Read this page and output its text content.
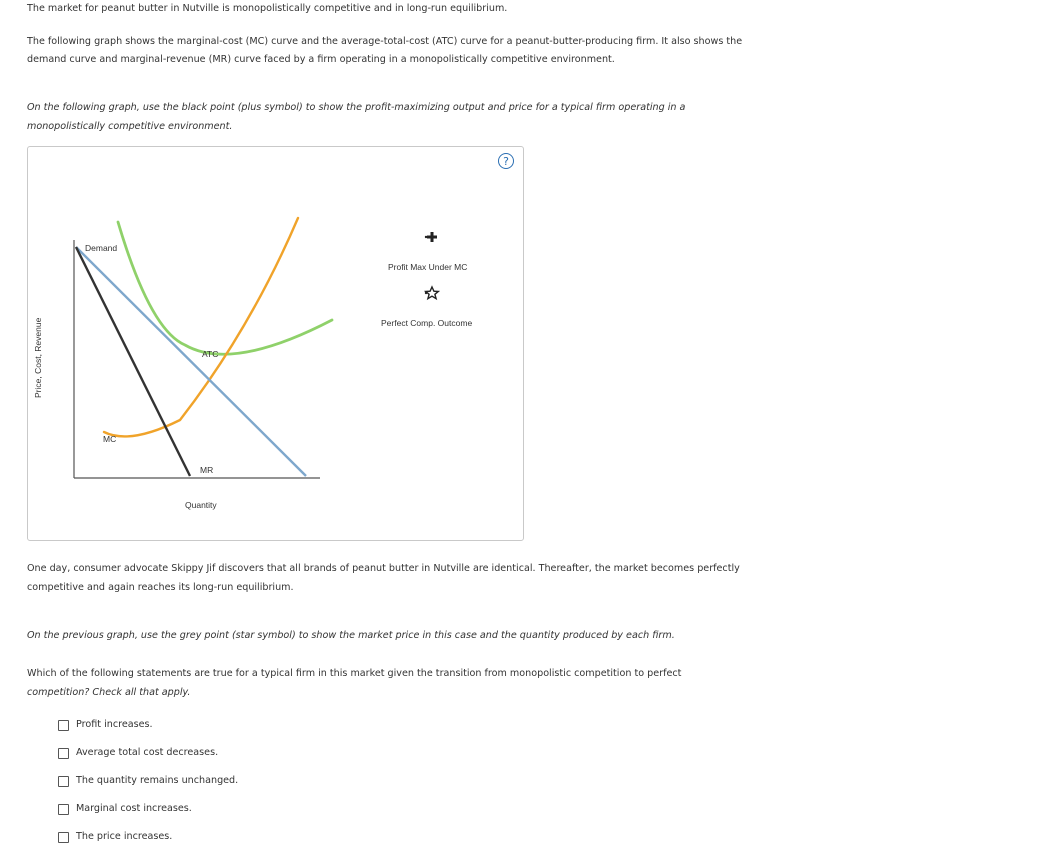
The market for peanut butter in Nutville is monopolistically competitive and in long-run equilibrium.

The following graph shows the marginal-cost (MC) curve and the average-total-cost (ATC) curve for a peanut-butter-producing firm. It also shows the

demand curve and marginal-revenue (MR) curve faced by a firm operating in a monopolistically competitive environment.

On the following graph, use the black point (plus symbol) to show the profit-maximizing output and price for a typical firm operating in a

monopolistically competitive environment.

?
Demand
ATC
MC
MR
Quantity
Price, Cost, Revenue
Profit Max Under MC
Perfect Comp. Outcome

One day, consumer advocate Skippy Jif discovers that all brands of peanut butter in Nutville are identical. Thereafter, the market becomes perfectly

competitive and again reaches its long-run equilibrium.

On the previous graph, use the grey point (star symbol) to show the market price in this case and the quantity produced by each firm.

Which of the following statements are true for a typical firm in this market given the transition from monopolistic competition to perfect

competition? Check all that apply.

Profit increases.
Average total cost decreases.
The quantity remains unchanged.
Marginal cost increases.
The price increases.
